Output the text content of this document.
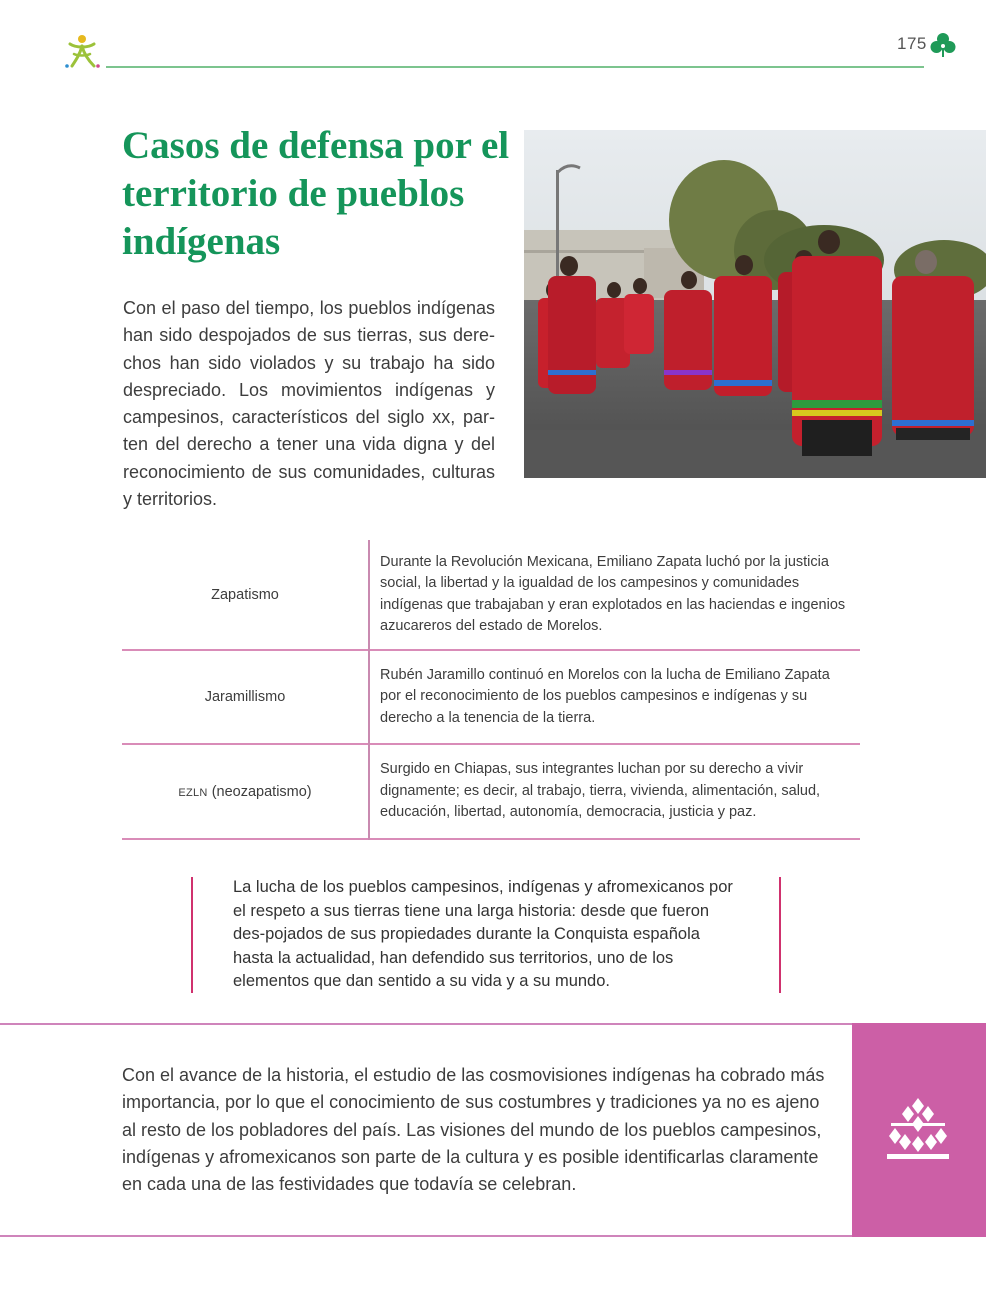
175
Casos de defensa por el territorio de pueblos indígenas

Con el paso del tiempo, los pueblos indígenas han sido despojados de sus tierras, sus dere-chos han sido violados y su trabajo ha sido despreciado. Los movimientos indígenas y campesinos, característicos del siglo xx, par-ten del derecho a tener una vida digna y del reconocimiento de sus comunidades, culturas y territorios.

Zapatismo	Durante la Revolución Mexicana, Emiliano Zapata luchó por la justicia social, la libertad y la igualdad de los campesinos y comunidades indígenas que trabajaban y eran explotados en las haciendas e ingenios azucareros del estado de Morelos.
Jaramillismo	Rubén Jaramillo continuó en Morelos con la lucha de Emiliano Zapata por el reconocimiento de los pueblos campesinos e indígenas y su derecho a la tenencia de la tierra.
EZLN (neozapatismo)	Surgido en Chiapas, sus integrantes luchan por su derecho a vivir dignamente; es decir, al trabajo, tierra, vivienda, alimentación, salud, educación, libertad, autonomía, democracia, justicia y paz.

La lucha de los pueblos campesinos, indígenas y afromexicanos por el respeto a sus tierras tiene una larga historia: desde que fueron des-pojados de sus propiedades durante la Conquista española hasta la actualidad, han defendido sus territorios, uno de los elementos que dan sentido a su vida y a su mundo.

Con el avance de la historia, el estudio de las cosmovisiones indígenas ha cobrado más importancia, por lo que el conocimiento de sus costumbres y tradiciones ya no es ajeno al resto de los pobladores del país. Las visiones del mundo de los pueblos campesinos, indígenas y afromexicanos son parte de la cultura y es posible identificarlas claramente en cada una de las festividades que todavía se celebran.
